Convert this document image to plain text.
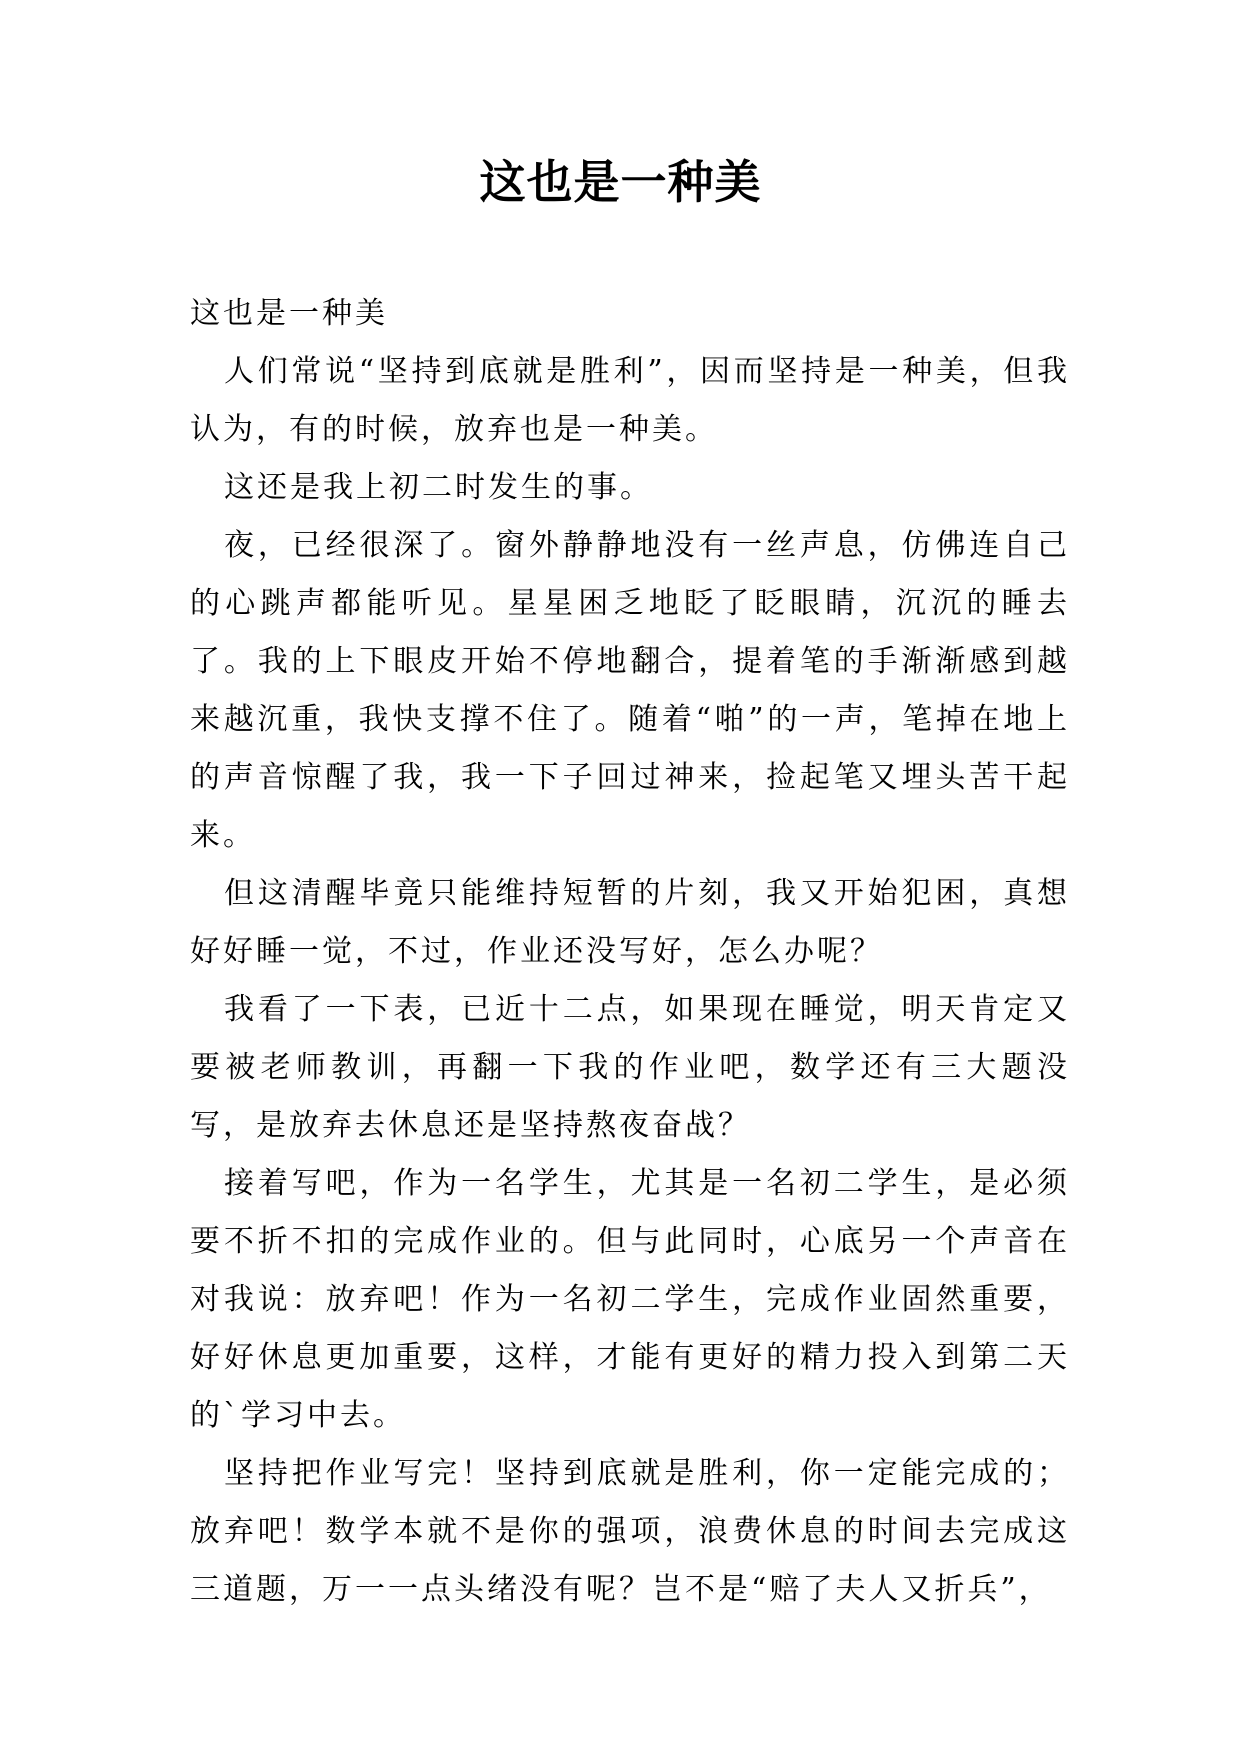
这也是一种美

这也是一种美

人们常说“坚持到底就是胜利”，因而坚持是一种美，但我认为，有的时候，放弃也是一种美。

这还是我上初二时发生的事。

夜，已经很深了。窗外静静地没有一丝声息，仿佛连自己的心跳声都能听见。星星困乏地眨了眨眼睛，沉沉的睡去了。我的上下眼皮开始不停地翻合，提着笔的手渐渐感到越来越沉重，我快支撑不住了。随着“啪”的一声，笔掉在地上的声音惊醒了我，我一下子回过神来，捡起笔又埋头苦干起来。

但这清醒毕竟只能维持短暂的片刻，我又开始犯困，真想好好睡一觉，不过，作业还没写好，怎么办呢？

我看了一下表，已近十二点，如果现在睡觉，明天肯定又要被老师教训，再翻一下我的作业吧，数学还有三大题没写，是放弃去休息还是坚持熬夜奋战？

接着写吧，作为一名学生，尤其是一名初二学生，是必须要不折不扣的完成作业的。但与此同时，心底另一个声音在对我说：放弃吧！作为一名初二学生，完成作业固然重要，好好休息更加重要，这样，才能有更好的精力投入到第二天的`学习中去。

坚持把作业写完！坚持到底就是胜利，你一定能完成的；放弃吧！数学本就不是你的强项，浪费休息的时间去完成这三道题，万一一点头绪没有呢？岂不是“赔了夫人又折兵”，
